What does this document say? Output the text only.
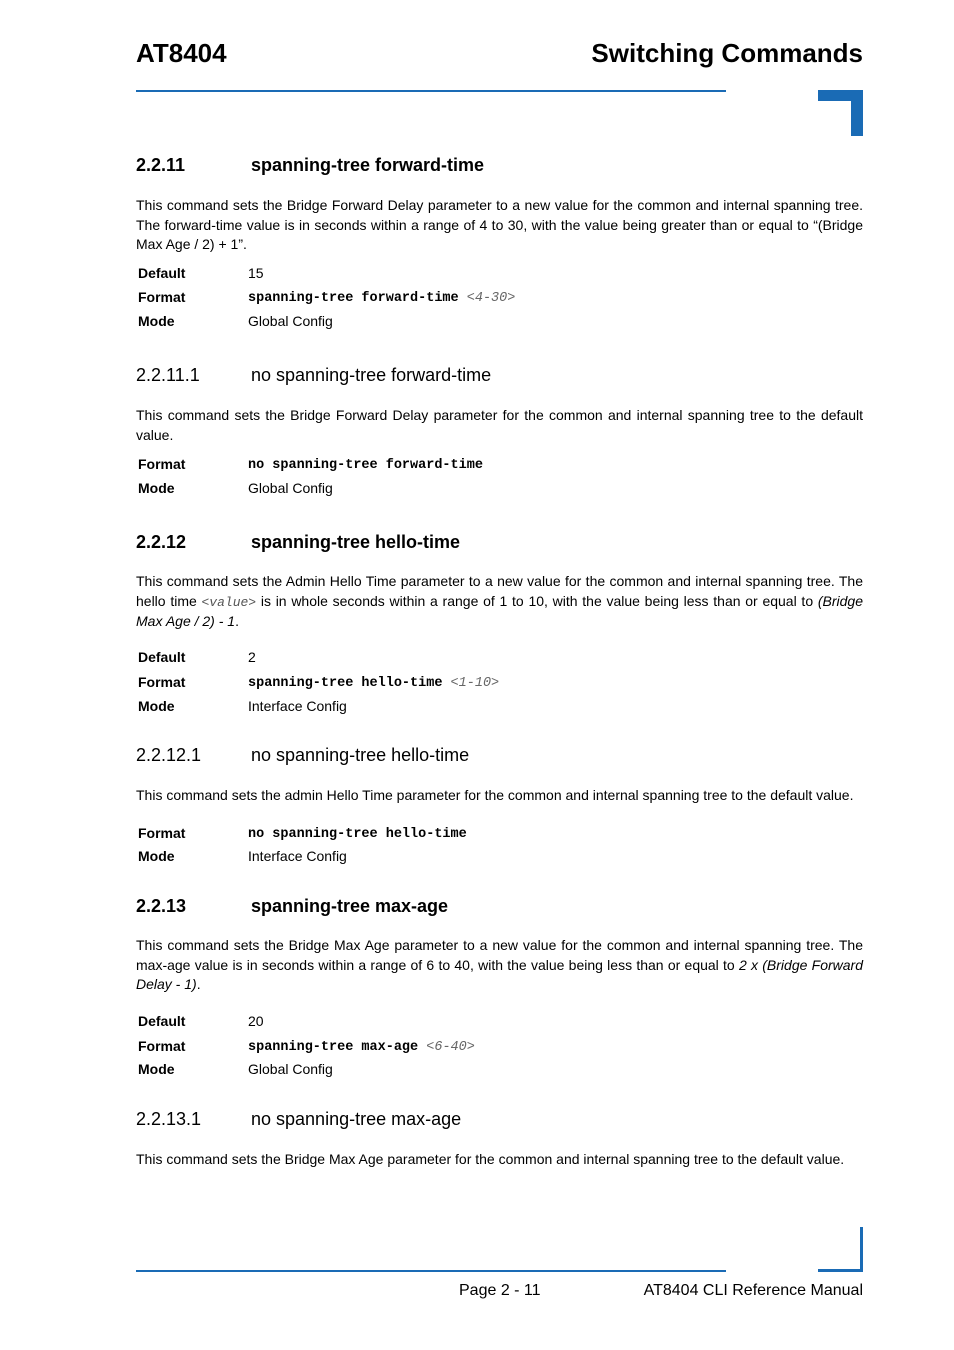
AT8404	Switching Commands
2.2.11	spanning-tree forward-time
This command sets the Bridge Forward Delay parameter to a new value for the common and internal spanning tree. The forward-time value is in seconds within a range of 4 to 30, with the value being greater than or equal to “(Bridge Max Age / 2) + 1”.
Default	15
Format	spanning-tree forward-time <4-30>
Mode	Global Config
2.2.11.1	no spanning-tree forward-time
This command sets the Bridge Forward Delay parameter for the common and internal spanning tree to the default value.
Format	no spanning-tree forward-time
Mode	Global Config
2.2.12	spanning-tree hello-time
This command sets the Admin Hello Time parameter to a new value for the common and internal spanning tree. The hello time <value> is in whole seconds within a range of 1 to 10, with the value being less than or equal to (Bridge Max Age / 2) - 1.
Default	2
Format	spanning-tree hello-time <1-10>
Mode	Interface Config
2.2.12.1	no spanning-tree hello-time
This command sets the admin Hello Time parameter for the common and internal spanning tree to the default value.
Format	no spanning-tree hello-time
Mode	Interface Config
2.2.13	spanning-tree max-age
This command sets the Bridge Max Age parameter to a new value for the common and internal spanning tree. The max-age value is in seconds within a range of 6 to 40, with the value being less than or equal to 2 x (Bridge Forward Delay - 1).
Default	20
Format	spanning-tree max-age <6-40>
Mode	Global Config
2.2.13.1	no spanning-tree max-age
This command sets the Bridge Max Age parameter for the common and internal spanning tree to the default value.
Page 2 - 11	AT8404 CLI Reference Manual
